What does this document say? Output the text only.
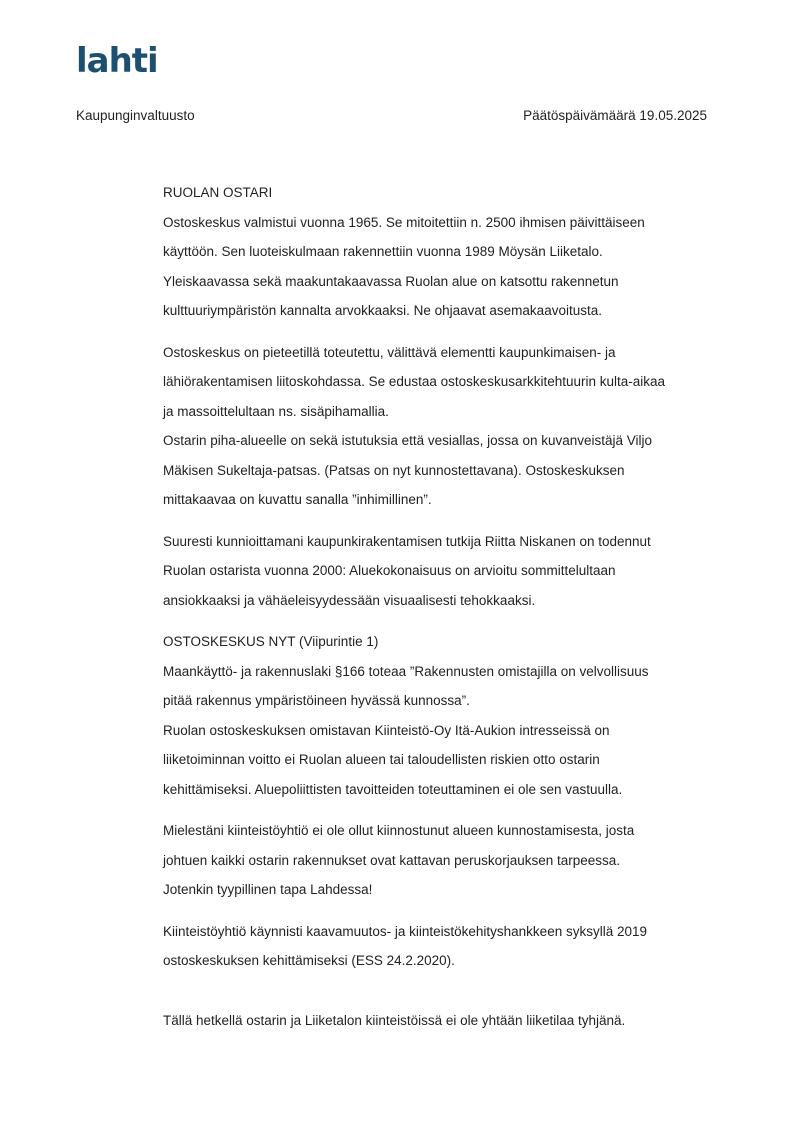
lahti
Kaupunginvaltuusto	Päätöspäivämäärä 19.05.2025

RUOLAN OSTARI

Ostoskeskus valmistui vuonna 1965. Se mitoitettiin n. 2500 ihmisen päivittäiseen

käyttöön. Sen luoteiskulmaan rakennettiin vuonna 1989 Möysän Liiketalo.

Yleiskaavassa sekä maakuntakaavassa Ruolan alue on katsottu rakennetun

kulttuuriympäristön kannalta arvokkaaksi. Ne ohjaavat asemakaavoitusta.

Ostoskeskus on pieteetillä toteutettu, välittävä elementti kaupunkimaisen- ja

lähiörakentamisen liitoskohdassa. Se edustaa ostoskeskusarkkitehtuurin kulta-aikaa

ja massoittelultaan ns. sisäpihamallia.

Ostarin piha-alueelle on sekä istutuksia että vesiallas, jossa on kuvanveistäjä Viljo

Mäkisen Sukeltaja-patsas. (Patsas on nyt kunnostettavana). Ostoskeskuksen

mittakaavaa on kuvattu sanalla ”inhimillinen”.

Suuresti kunnioittamani kaupunkirakentamisen tutkija Riitta Niskanen on todennut

Ruolan ostarista vuonna 2000: Aluekokonaisuus on arvioitu sommittelultaan

ansiokkaaksi ja vähäeleisyydessään visuaalisesti tehokkaaksi.

OSTOSKESKUS NYT (Viipurintie 1)

Maankäyttö- ja rakennuslaki §166 toteaa ”Rakennusten omistajilla on velvollisuus

pitää rakennus ympäristöineen hyvässä kunnossa”.

Ruolan ostoskeskuksen omistavan Kiinteistö-Oy Itä-Aukion intresseissä on

liiketoiminnan voitto ei Ruolan alueen tai taloudellisten riskien otto ostarin

kehittämiseksi. Aluepoliittisten tavoitteiden toteuttaminen ei ole sen vastuulla.

Mielestäni kiinteistöyhtiö ei ole ollut kiinnostunut alueen kunnostamisesta, josta

johtuen kaikki ostarin rakennukset ovat kattavan peruskorjauksen tarpeessa.

Jotenkin tyypillinen tapa Lahdessa!

Kiinteistöyhtiö käynnisti kaavamuutos- ja kiinteistökehityshankkeen syksyllä 2019

ostoskeskuksen kehittämiseksi (ESS 24.2.2020).

Tällä hetkellä ostarin ja Liiketalon kiinteistöissä ei ole yhtään liiketilaa tyhjänä.
